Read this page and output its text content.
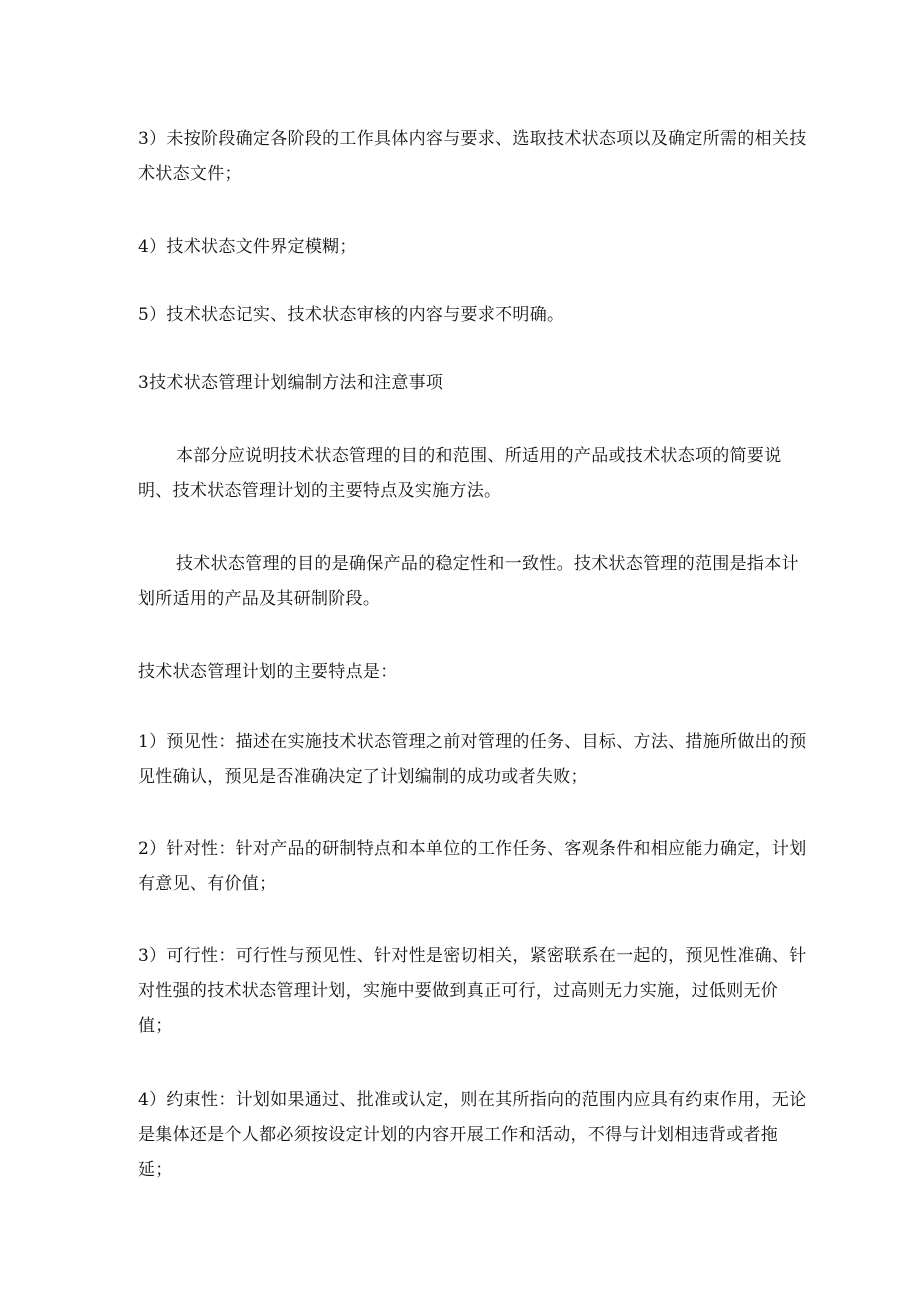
3）未按阶段确定各阶段的工作具体内容与要求、选取技术状态项以及确定所需的相关技术状态文件；

4）技术状态文件界定模糊；

5）技术状态记实、技术状态审核的内容与要求不明确。

3技术状态管理计划编制方法和注意事项

本部分应说明技术状态管理的目的和范围、所适用的产品或技术状态项的简要说明、技术状态管理计划的主要特点及实施方法。

技术状态管理的目的是确保产品的稳定性和一致性。技术状态管理的范围是指本计划所适用的产品及其研制阶段。

技术状态管理计划的主要特点是：

1）预见性：描述在实施技术状态管理之前对管理的任务、目标、方法、措施所做出的预见性确认，预见是否准确决定了计划编制的成功或者失败；

2）针对性：针对产品的研制特点和本单位的工作任务、客观条件和相应能力确定，计划有意见、有价值；

3）可行性：可行性与预见性、针对性是密切相关，紧密联系在一起的，预见性准确、针对性强的技术状态管理计划，实施中要做到真正可行，过高则无力实施，过低则无价值；

4）约束性：计划如果通过、批准或认定，则在其所指向的范围内应具有约束作用，无论是集体还是个人都必须按设定计划的内容开展工作和活动，不得与计划相违背或者拖延；
